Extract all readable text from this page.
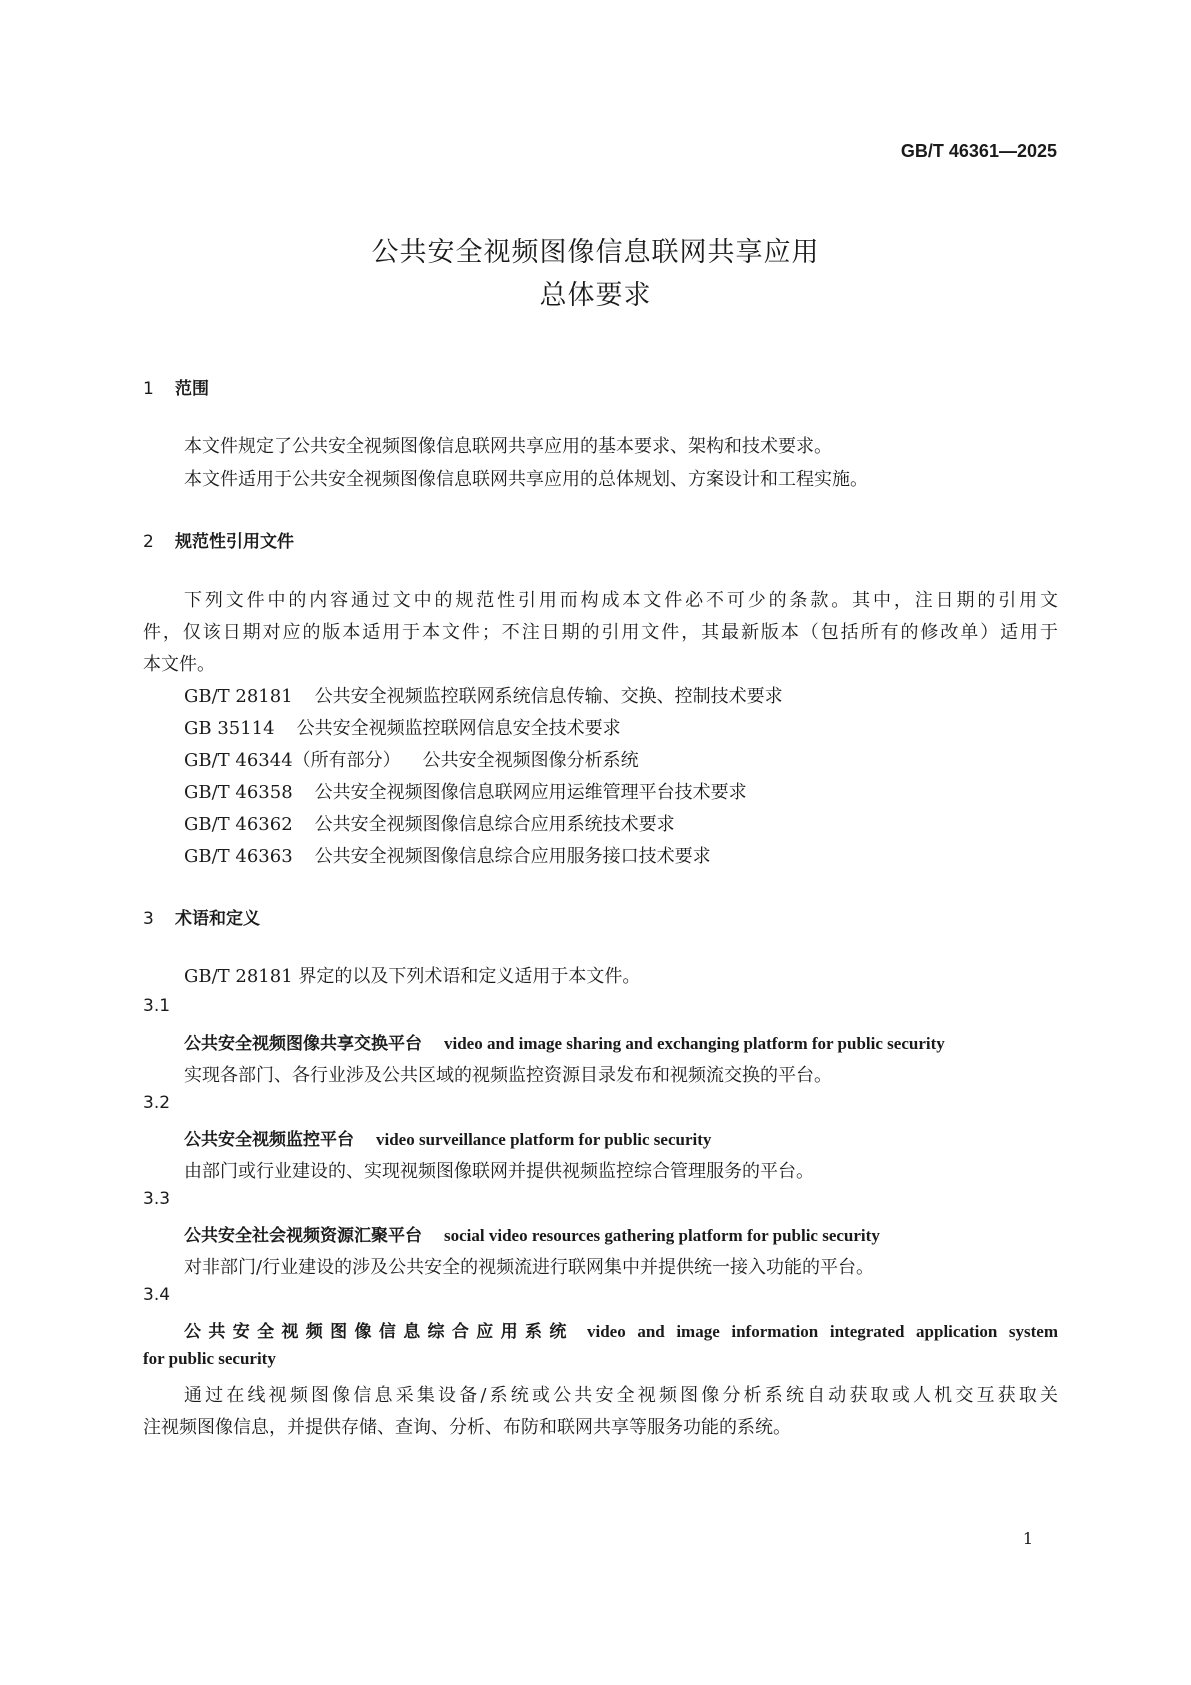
GB/T 46361—2025
公共安全视频图像信息联网共享应用
总体要求
1 范围
本文件规定了公共安全视频图像信息联网共享应用的基本要求、架构和技术要求。
本文件适用于公共安全视频图像信息联网共享应用的总体规划、方案设计和工程实施。
2 规范性引用文件
下列文件中的内容通过文中的规范性引用而构成本文件必不可少的条款。其中，注日期的引用文
件，仅该日期对应的版本适用于本文件；不注日期的引用文件，其最新版本（包括所有的修改单）适用于
本文件。
GB/T 28181 公共安全视频监控联网系统信息传输、交换、控制技术要求
GB 35114 公共安全视频监控联网信息安全技术要求
GB/T 46344（所有部分） 公共安全视频图像分析系统
GB/T 46358 公共安全视频图像信息联网应用运维管理平台技术要求
GB/T 46362 公共安全视频图像信息综合应用系统技术要求
GB/T 46363 公共安全视频图像信息综合应用服务接口技术要求
3 术语和定义
GB/T 28181 界定的以及下列术语和定义适用于本文件。
3.1
公共安全视频图像共享交换平台 video and image sharing and exchanging platform for public security
实现各部门、各行业涉及公共区域的视频监控资源目录发布和视频流交换的平台。
3.2
公共安全视频监控平台 video surveillance platform for public security
由部门或行业建设的、实现视频图像联网并提供视频监控综合管理服务的平台。
3.3
公共安全社会视频资源汇聚平台 social video resources gathering platform for public security
对非部门/行业建设的涉及公共安全的视频流进行联网集中并提供统一接入功能的平台。
3.4
公共安全视频图像信息综合应用系统 video and image information integrated application system
for public security
通过在线视频图像信息采集设备/系统或公共安全视频图像分析系统自动获取或人机交互获取关
注视频图像信息，并提供存储、查询、分析、布防和联网共享等服务功能的系统。
1
